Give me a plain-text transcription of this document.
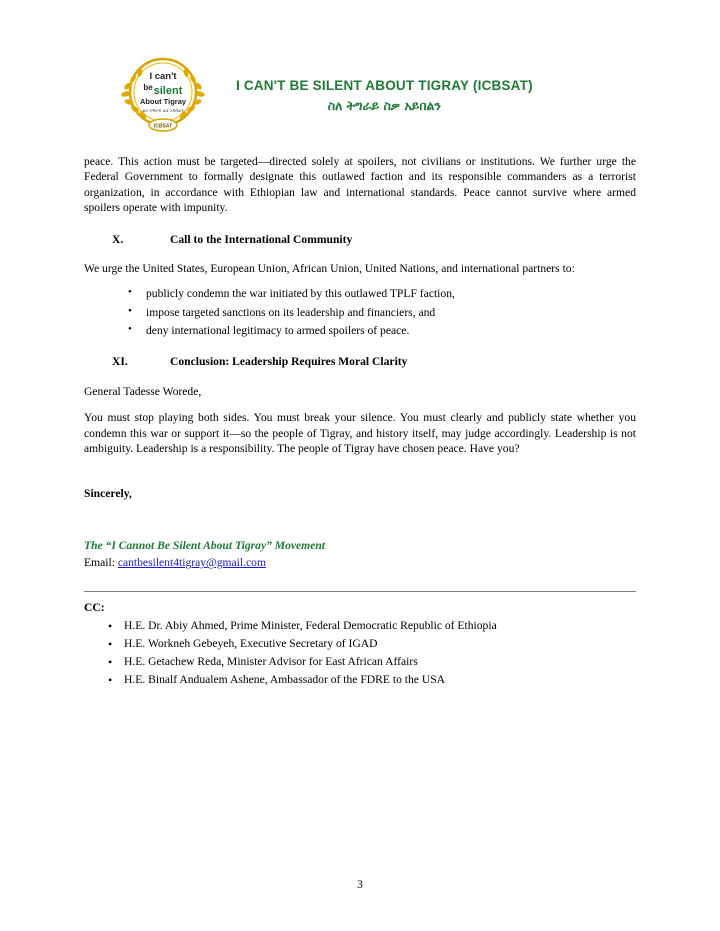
I can't
be silent
About Tigray
ልለ ትግራይ ልኃ አይበልን
ICBSAT
I CAN'T BE SILENT ABOUT TIGRAY (ICBSAT)
ስለ ትግራይ ስቃ አይበልን

peace. This action must be targeted—directed solely at spoilers, not civilians or institutions. We further urge the Federal Government to formally designate this outlawed faction and its responsible commanders as a terrorist organization, in accordance with Ethiopian law and international standards. Peace cannot survive where armed spoilers operate with impunity.

X.	Call to the International Community

We urge the United States, European Union, African Union, United Nations, and international partners to:

• publicly condemn the war initiated by this outlawed TPLF faction,
• impose targeted sanctions on its leadership and financiers, and
• deny international legitimacy to armed spoilers of peace.
XI.	Conclusion: Leadership Requires Moral Clarity

General Tadesse Worede,

You must stop playing both sides. You must break your silence. You must clearly and publicly state whether you condemn this war or support it—so the people of Tigray, and history itself, may judge accordingly. Leadership is not ambiguity. Leadership is a responsibility. The people of Tigray have chosen peace. Have you?

Sincerely,
The “I Cannot Be Silent About Tigray” Movement
Email: cantbesilent4tigray@gmail.com
CC:
• H.E. Dr. Abiy Ahmed, Prime Minister, Federal Democratic Republic of Ethiopia
• H.E. Workneh Gebeyeh, Executive Secretary of IGAD
• H.E. Getachew Reda, Minister Advisor for East African Affairs
• H.E. Binalf Andualem Ashene, Ambassador of the FDRE to the USA
3
